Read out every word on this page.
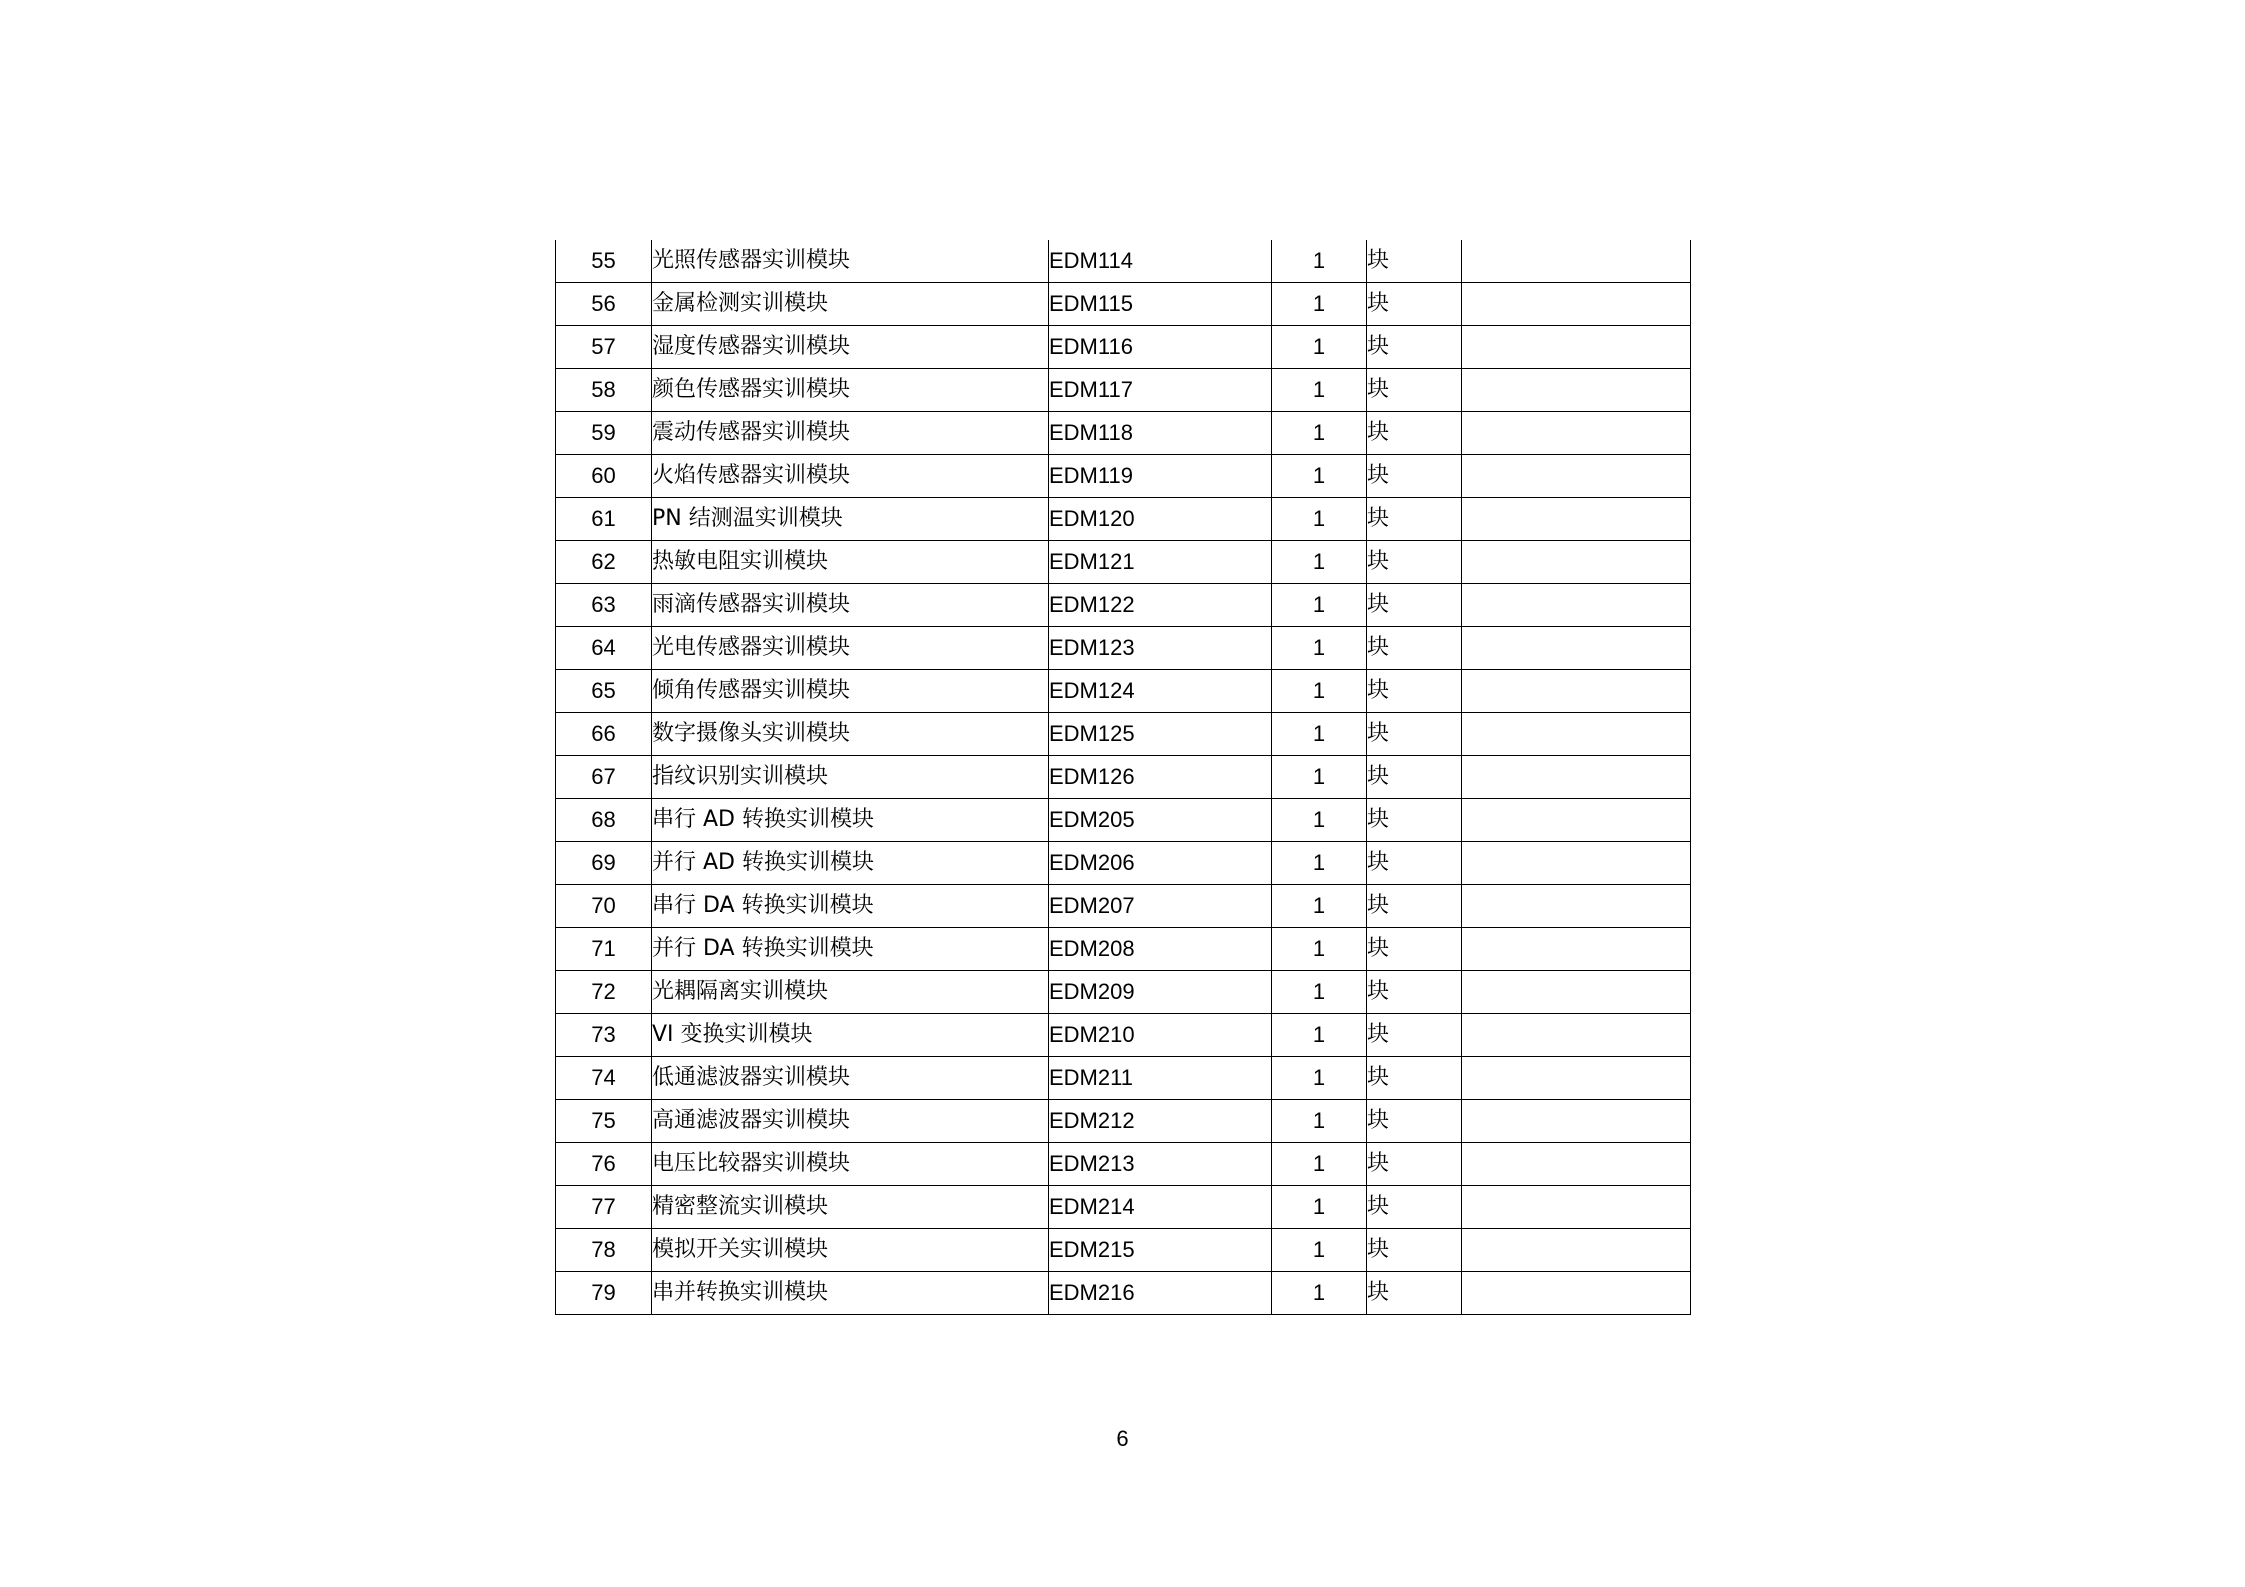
55	光照传感器实训模块	EDM114	1	块	
56	金属检测实训模块	EDM115	1	块	
57	湿度传感器实训模块	EDM116	1	块	
58	颜色传感器实训模块	EDM117	1	块	
59	震动传感器实训模块	EDM118	1	块	
60	火焰传感器实训模块	EDM119	1	块	
61	PN 结测温实训模块	EDM120	1	块	
62	热敏电阻实训模块	EDM121	1	块	
63	雨滴传感器实训模块	EDM122	1	块	
64	光电传感器实训模块	EDM123	1	块	
65	倾角传感器实训模块	EDM124	1	块	
66	数字摄像头实训模块	EDM125	1	块	
67	指纹识别实训模块	EDM126	1	块	
68	串行 AD 转换实训模块	EDM205	1	块	
69	并行 AD 转换实训模块	EDM206	1	块	
70	串行 DA 转换实训模块	EDM207	1	块	
71	并行 DA 转换实训模块	EDM208	1	块	
72	光耦隔离实训模块	EDM209	1	块	
73	VI 变换实训模块	EDM210	1	块	
74	低通滤波器实训模块	EDM211	1	块	
75	高通滤波器实训模块	EDM212	1	块	
76	电压比较器实训模块	EDM213	1	块	
77	精密整流实训模块	EDM214	1	块	
78	模拟开关实训模块	EDM215	1	块	
79	串并转换实训模块	EDM216	1	块	
6
